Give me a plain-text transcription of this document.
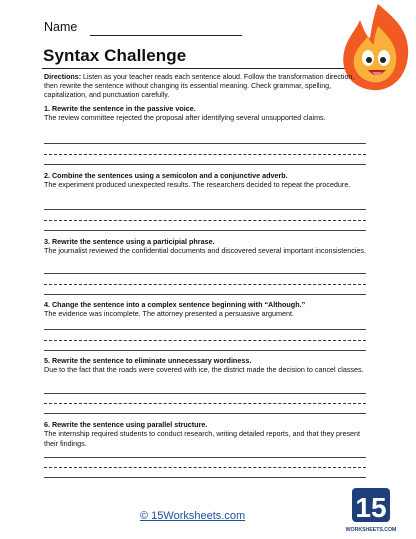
Name
Syntax Challenge
Directions: Listen as your teacher reads each sentence aloud. Follow the transformation direction, then rewrite the sentence without changing its essential meaning. Check grammar, spelling, capitalization, and punctuation carefully.
1. Rewrite the sentence in the passive voice.
The review committee rejected the proposal after identifying several unsupported claims.
2. Combine the sentences using a semicolon and a conjunctive adverb.
The experiment produced unexpected results. The researchers decided to repeat the procedure.
3. Rewrite the sentence using a participial phrase.
The journalist reviewed the confidential documents and discovered several important inconsistencies.
4. Change the sentence into a complex sentence beginning with “Although.”
The evidence was incomplete. The attorney presented a persuasive argument.
5. Rewrite the sentence to eliminate unnecessary wordiness.
Due to the fact that the roads were covered with ice, the district made the decision to cancel classes.
6. Rewrite the sentence using parallel structure.
The internship required students to conduct research, writing detailed reports, and that they present their findings.
© 15Worksheets.com	15
WORKSHEETS.COM
